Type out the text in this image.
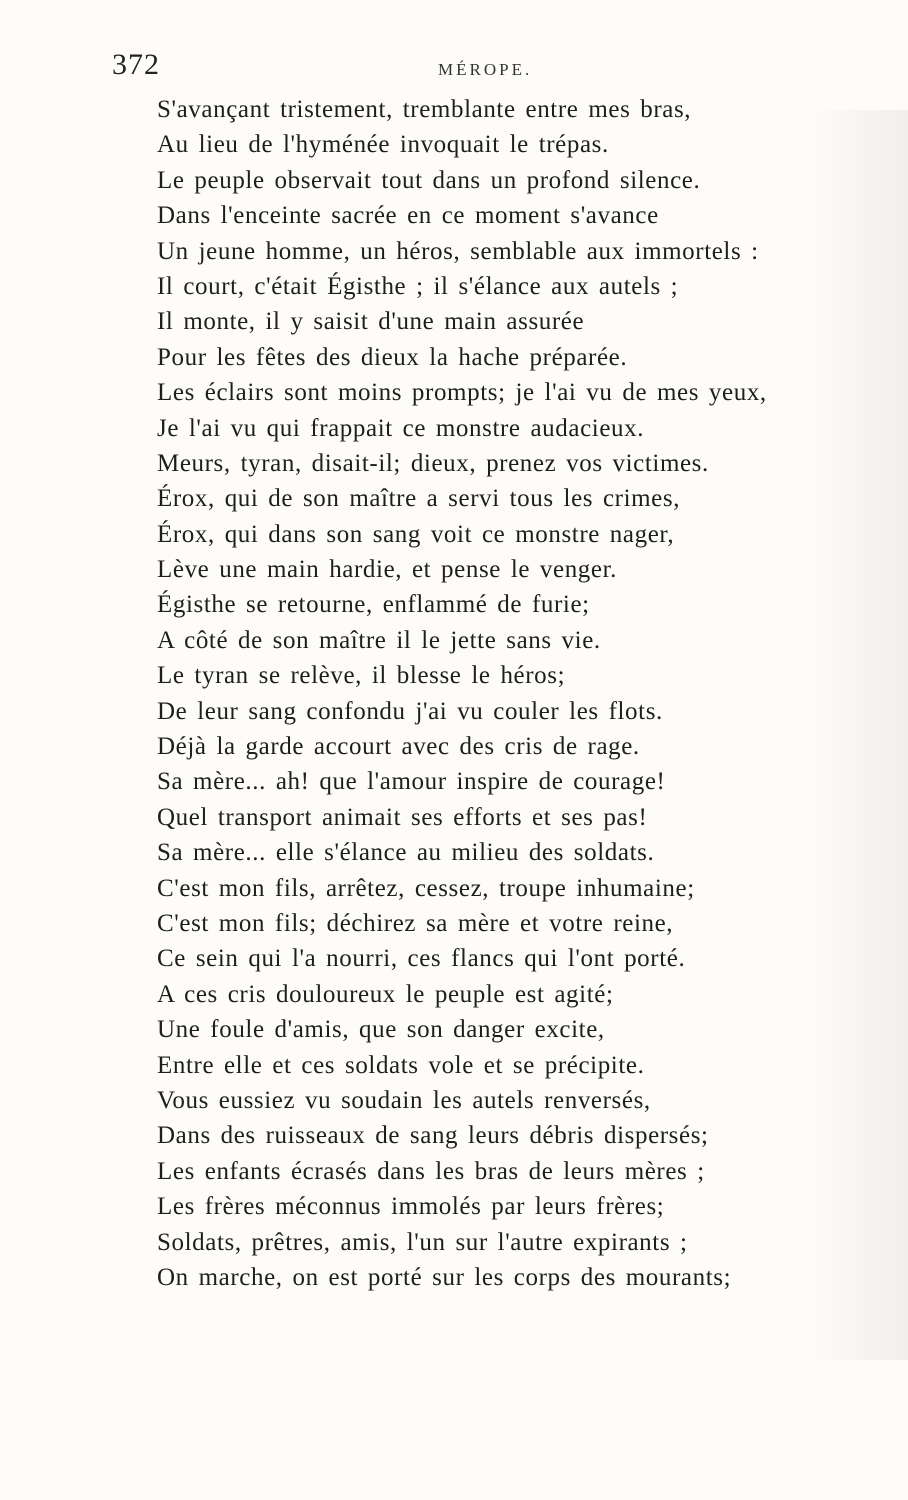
372	MÉROPE.
S'avançant tristement, tremblante entre mes bras,
Au lieu de l'hyménée invoquait le trépas.
Le peuple observait tout dans un profond silence.
Dans l'enceinte sacrée en ce moment s'avance
Un jeune homme, un héros, semblable aux immortels :
Il court, c'était Égisthe ; il s'élance aux autels ;
Il monte, il y saisit d'une main assurée
Pour les fêtes des dieux la hache préparée.
Les éclairs sont moins prompts; je l'ai vu de mes yeux,
Je l'ai vu qui frappait ce monstre audacieux.
Meurs, tyran, disait-il; dieux, prenez vos victimes.
Érox, qui de son maître a servi tous les crimes,
Érox, qui dans son sang voit ce monstre nager,
Lève une main hardie, et pense le venger.
Égisthe se retourne, enflammé de furie;
A côté de son maître il le jette sans vie.
Le tyran se relève, il blesse le héros;
De leur sang confondu j'ai vu couler les flots.
Déjà la garde accourt avec des cris de rage.
Sa mère... ah! que l'amour inspire de courage!
Quel transport animait ses efforts et ses pas!
Sa mère... elle s'élance au milieu des soldats.
C'est mon fils, arrêtez, cessez, troupe inhumaine;
C'est mon fils; déchirez sa mère et votre reine,
Ce sein qui l'a nourri, ces flancs qui l'ont porté.
A ces cris douloureux le peuple est agité;
Une foule d'amis, que son danger excite,
Entre elle et ces soldats vole et se précipite.
Vous eussiez vu soudain les autels renversés,
Dans des ruisseaux de sang leurs débris dispersés;
Les enfants écrasés dans les bras de leurs mères ;
Les frères méconnus immolés par leurs frères;
Soldats, prêtres, amis, l'un sur l'autre expirants ;
On marche, on est porté sur les corps des mourants;
